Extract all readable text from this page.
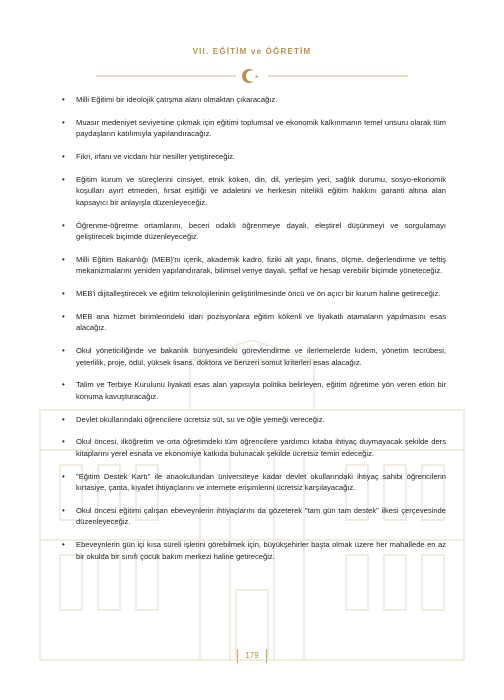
VII. EĞİTİM ve ÖĞRETİM
• Milli Eğitimi bir ideolojik çatışma alanı olmaktan çıkaracağız.
• Muasır medeniyet seviyesine çıkmak için eğitimi toplumsal ve ekonomik kalkınmanın temel unsuru olarak tüm paydaşların katılımıyla yapılandıracağız.
• Fikri, irfanı ve vicdanı hür nesiller yetiştireceğiz.
• Eğitim kurum ve süreçlerini cinsiyet, etnik köken, din, dil, yerleşim yeri, sağlık durumu, sosyo-ekonomik koşulları ayırt etmeden, fırsat eşitliği ve adaletini ve herkesin nitelikli eğitim hakkını garanti altına alan kapsayıcı bir anlayışla düzenleyeceğiz.
• Öğrenme-öğretme ortamlarını, beceri odaklı öğrenmeye dayalı, eleştirel düşünmeyi ve sorgulamayı geliştirecek biçimde düzenleyeceğiz.
• Milli Eğitim Bakanlığı (MEB)'nı içerik, akademik kadro, fiziki alt yapı, finans, ölçme, değerlendirme ve teftiş mekanizmalarını yeniden yapılandırarak, bilimsel veriye dayalı, şeffaf ve hesap verebilir biçimde yöneteceğiz.
• MEB'i dijitalleştirecek ve eğitim teknolojilerinin geliştirilmesinde öncü ve ön açıcı bir kurum haline getireceğiz.
• MEB ana hizmet birimlerindeki idari pozisyonlara eğitim kökenli ve liyakatli atamaların yapılmasını esas alacağız.
• Okul yöneticiliğinde ve bakanlık bünyesindeki görevlendirme ve ilerlemelerde kıdem, yönetim tecrübesi, yeterlilik, proje, ödül, yüksek lisans, doktora ve benzeri somut kriterleri esas alacağız.
• Talim ve Terbiye Kurulunu liyakati esas alan yapısıyla politika belirleyen, eğitim öğretime yön veren etkin bir konuma kavuşturacağız.
• Devlet okullarındaki öğrencilere ücretsiz süt, su ve öğle yemeği vereceğiz.
• Okul öncesi, ilköğretim ve orta öğretimdeki tüm öğrencilere yardımcı kitaba ihtiyaç duymayacak şekilde ders kitaplarını yerel esnafa ve ekonomiye katkıda bulunacak şekilde ücretsiz temin edeceğiz.
• "Eğitim Destek Kartı" ile anaokulundan üniversiteye kadar devlet okullarındaki ihtiyaç sahibi öğrencilerin kırtasiye, çanta, kıyafet ihtiyaçlarını ve internete erişimlerini ücretsiz karşılayacağız.
• Okul öncesi eğitimi çalışan ebeveynlerin ihtiyaçlarını da gözeterek "tam gün tam destek" ilkesi çerçevesinde düzenleyeceğiz.
• Ebeveynlerin gün içi kısa süreli işlerini görebilmek için, büyükşehirler başta olmak üzere her mahallede en az bir okulda bir sınıfı çocuk bakım merkezi haline getireceğiz.
179
